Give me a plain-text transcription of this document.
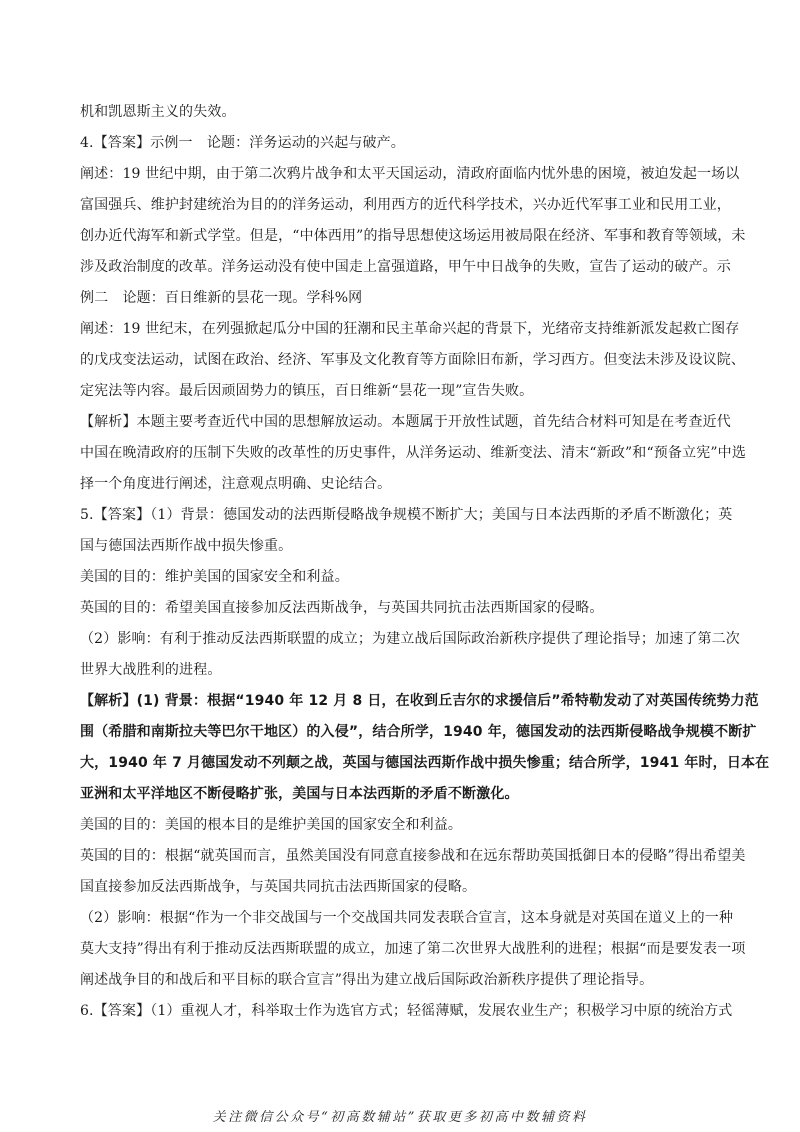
机和凯恩斯主义的失效。

4.【答案】示例一　论题：洋务运动的兴起与破产。

阐述：19 世纪中期，由于第二次鸦片战争和太平天国运动，清政府面临内忧外患的困境，被迫发起一场以

富国强兵、维护封建统治为目的的洋务运动，利用西方的近代科学技术，兴办近代军事工业和民用工业，

创办近代海军和新式学堂。但是，“中体西用”的指导思想使这场运用被局限在经济、军事和教育等领域，未

涉及政治制度的改革。洋务运动没有使中国走上富强道路，甲午中日战争的失败，宣告了运动的破产。示

例二　论题：百日维新的昙花一现。学科%网

阐述：19 世纪末，在列强掀起瓜分中国的狂潮和民主革命兴起的背景下，光绪帝支持维新派发起救亡图存

的戊戌变法运动，试图在政治、经济、军事及文化教育等方面除旧布新，学习西方。但变法未涉及设议院、

定宪法等内容。最后因顽固势力的镇压，百日维新“昙花一现”宣告失败。

【解析】本题主要考查近代中国的思想解放运动。本题属于开放性试题，首先结合材料可知是在考查近代

中国在晚清政府的压制下失败的改革性的历史事件，从洋务运动、维新变法、清末“新政”和“预备立宪”中选

择一个角度进行阐述，注意观点明确、史论结合。

5.【答案】（1）背景：德国发动的法西斯侵略战争规模不断扩大；美国与日本法西斯的矛盾不断激化；英

国与德国法西斯作战中损失惨重。

美国的目的：维护美国的国家安全和利益。

英国的目的：希望美国直接参加反法西斯战争，与英国共同抗击法西斯国家的侵略。

（2）影响：有利于推动反法西斯联盟的成立；为建立战后国际政治新秩序提供了理论指导；加速了第二次

世界大战胜利的进程。

【解析】(1) 背景：根据“1940 年 12 月 8 日，在收到丘吉尔的求援信后”希特勒发动了对英国传统势力范

围（希腊和南斯拉夫等巴尔干地区）的入侵”，结合所学，1940 年，德国发动的法西斯侵略战争规模不断扩

大，1940 年 7 月德国发动不列颠之战，英国与德国法西斯作战中损失惨重；结合所学，1941 年时，日本在

亚洲和太平洋地区不断侵略扩张，美国与日本法西斯的矛盾不断激化。

美国的目的：美国的根本目的是维护美国的国家安全和利益。

英国的目的：根据“就英国而言，虽然美国没有同意直接参战和在远东帮助英国抵御日本的侵略”得出希望美

国直接参加反法西斯战争，与英国共同抗击法西斯国家的侵略。

（2）影响：根据“作为一个非交战国与一个交战国共同发表联合宣言，这本身就是对英国在道义上的一种

莫大支持”得出有利于推动反法西斯联盟的成立，加速了第二次世界大战胜利的进程；根据“而是要发表一项

阐述战争目的和战后和平目标的联合宣言”得出为建立战后国际政治新秩序提供了理论指导。

6.【答案】（1）重视人才，科举取士作为选官方式；轻徭薄赋，发展农业生产；积极学习中原的统治方式

关注微信公众号“初高数辅站”获取更多初高中数辅资料
